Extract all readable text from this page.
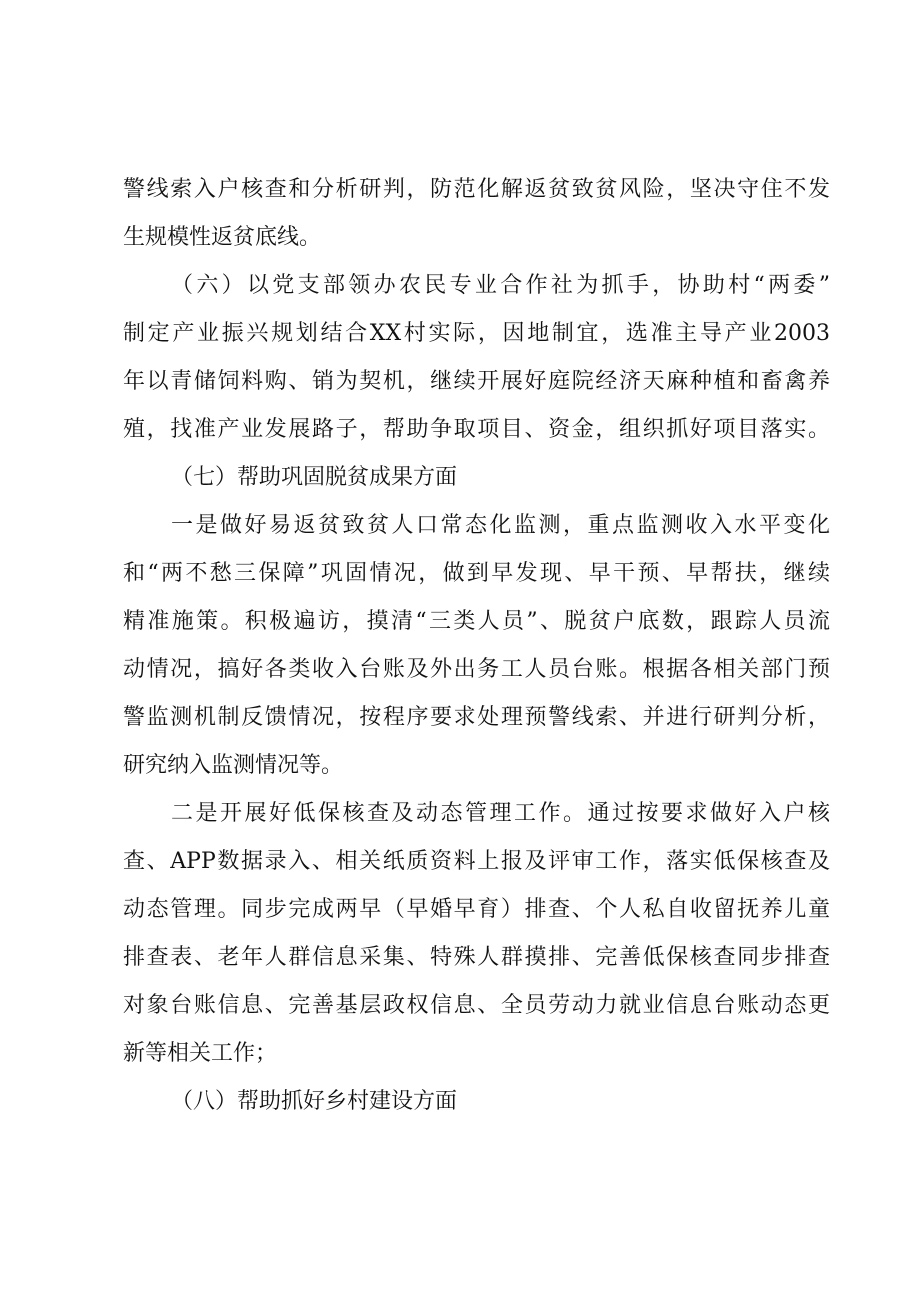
警线索入户核查和分析研判，防范化解返贫致贫风险，坚决守住不发
生规模性返贫底线。
（六）以党支部领办农民专业合作社为抓手，协助村“两委”
制定产业振兴规划结合XX村实际，因地制宜，选准主导产业2003
年以青储饲料购、销为契机，继续开展好庭院经济天麻种植和畜禽养
殖，找准产业发展路子，帮助争取项目、资金，组织抓好项目落实。
（七）帮助巩固脱贫成果方面
一是做好易返贫致贫人口常态化监测，重点监测收入水平变化
和“两不愁三保障”巩固情况，做到早发现、早干预、早帮扶，继续
精准施策。积极遍访，摸清“三类人员”、脱贫户底数，跟踪人员流
动情况，搞好各类收入台账及外出务工人员台账。根据各相关部门预
警监测机制反馈情况，按程序要求处理预警线索、并进行研判分析，
研究纳入监测情况等。
二是开展好低保核查及动态管理工作。通过按要求做好入户核
查、APP数据录入、相关纸质资料上报及评审工作，落实低保核查及
动态管理。同步完成两早（早婚早育）排查、个人私自收留抚养儿童
排查表、老年人群信息采集、特殊人群摸排、完善低保核查同步排查
对象台账信息、完善基层政权信息、全员劳动力就业信息台账动态更
新等相关工作；
（八）帮助抓好乡村建设方面
